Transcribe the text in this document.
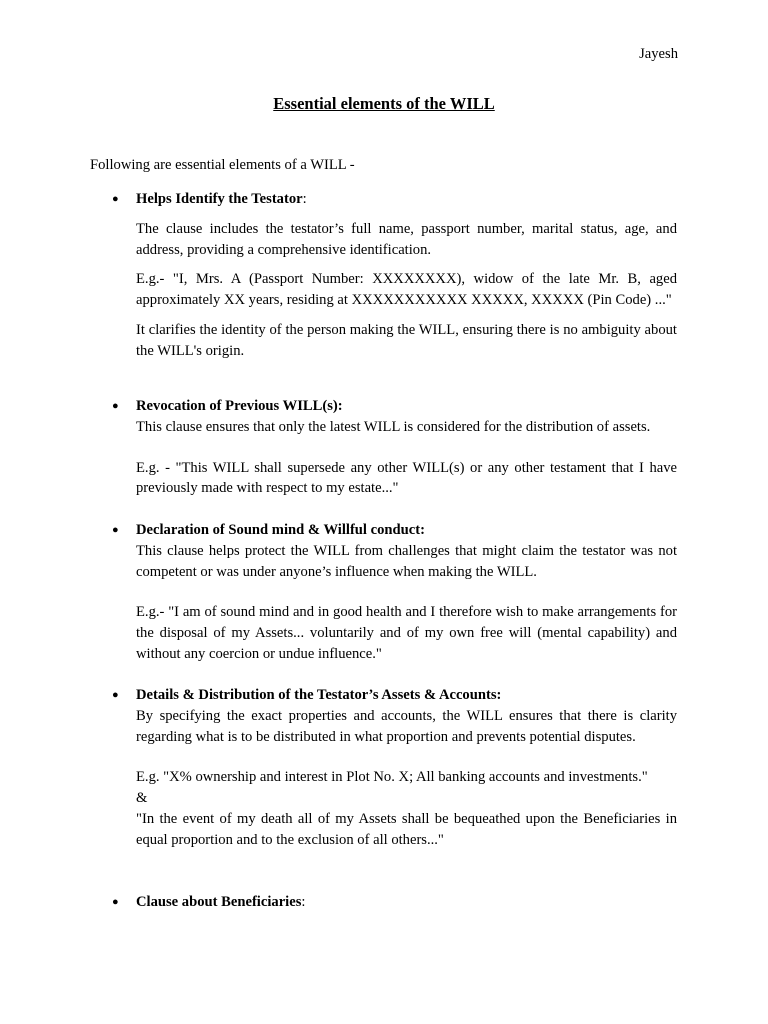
Jayesh
Essential elements of the WILL
Following are essential elements of a WILL -
● Helps Identify the Testator:

The clause includes the testator’s full name, passport number, marital status, age, and address, providing a comprehensive identification.

E.g.- "I, Mrs. A (Passport Number: XXXXXXXX), widow of the late Mr. B, aged approximately XX years, residing at XXXXXXXXXXX XXXXX, XXXXX (Pin Code) ..."

It clarifies the identity of the person making the WILL, ensuring there is no ambiguity about the WILL's origin.

● Revocation of Previous WILL(s):

This clause ensures that only the latest WILL is considered for the distribution of assets.

E.g. - "This WILL shall supersede any other WILL(s) or any other testament that I have previously made with respect to my estate..."

● Declaration of Sound mind & Willful conduct:

This clause helps protect the WILL from challenges that might claim the testator was not competent or was under anyone’s influence when making the WILL.

E.g.- "I am of sound mind and in good health and I therefore wish to make arrangements for the disposal of my Assets... voluntarily and of my own free will (mental capability) and without any coercion or undue influence."

● Details & Distribution of the Testator’s Assets & Accounts:

By specifying the exact properties and accounts, the WILL ensures that there is clarity regarding what is to be distributed in what proportion and prevents potential disputes.

E.g. "X% ownership and interest in Plot No. X; All banking accounts and investments."

&

"In the event of my death all of my Assets shall be bequeathed upon the Beneficiaries in equal proportion and to the exclusion of all others..."

● Clause about Beneficiaries:
